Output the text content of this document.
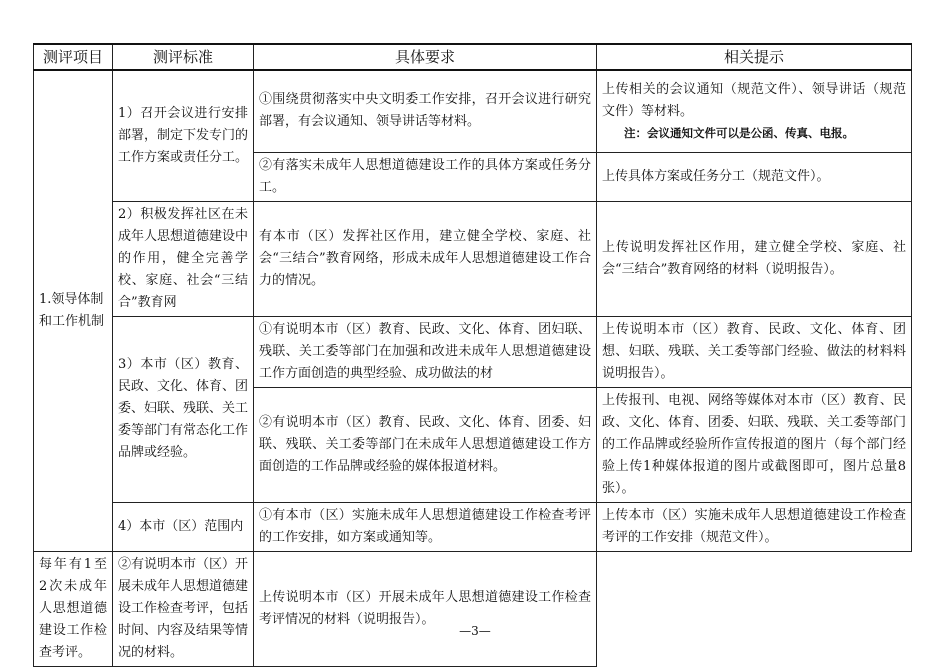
测评项目	测评标准	具体要求	相关提示
1.领导体制和工作机制	1）召开会议进行安排部署，制定下发专门的工作方案或责任分工。	①围绕贯彻落实中央文明委工作安排，召开会议进行研究部署，有会议通知、领导讲话等材料。	上传相关的会议通知（规范文件）、领导讲话（规范文件）等材料。
注：会议通知文件可以是公函、传真、电报。

		②有落实未成年人思想道德建设工作的具体方案或任务分工。	上传具体方案或任务分工（规范文件）。
	2）积极发挥社区在未成年人思想道德建设中的作用，健全完善学校、家庭、社会“三结合”教育网	有本市（区）发挥社区作用，建立健全学校、家庭、社会“三结合”教育网络，形成未成年人思想道德建设工作合力的情况。	上传说明发挥社区作用，建立健全学校、家庭、社会“三结合”教育网络的材料（说明报告）。
	3）本市（区）教育、民政、文化、体育、团委、妇联、残联、关工委等部门有常态化工作品牌或经验。	①有说明本市（区）教育、民政、文化、体育、团妇联、残联、关工委等部门在加强和改进未成年人思想道德建设工作方面创造的典型经验、成功做法的材	上传说明本市（区）教育、民政、文化、体育、团想、妇联、残联、关工委等部门经验、做法的材料料说明报告）。
		②有说明本市（区）教育、民政、文化、体育、团委、妇联、残联、关工委等部门在未成年人思想道德建设工作方面创造的工作品牌或经验的媒体报道材料。	上传报刊、电视、网络等媒体对本市（区）教育、民政、文化、体育、团委、妇联、残联、关工委等部门的工作品牌或经验所作宣传报道的图片（每个部门经验上传1种媒体报道的图片或截图即可，图片总量8张）。
	4）本市（区）范围内	①有本市（区）实施未成年人思想道德建设工作检查考评的工作安排，如方案或通知等。	上传本市（区）实施未成年人思想道德建设工作检查考评的工作安排（规范文件）。
每年有1至2次未成年人思想道德建设工作检查考评。	②有说明本市（区）开展未成年人思想道德建设工作检查考评，包括时间、内容及结果等情况的材料。	上传说明本市（区）开展未成年人思想道德建设工作检查考评情况的材料（说明报告）。	
—3—
